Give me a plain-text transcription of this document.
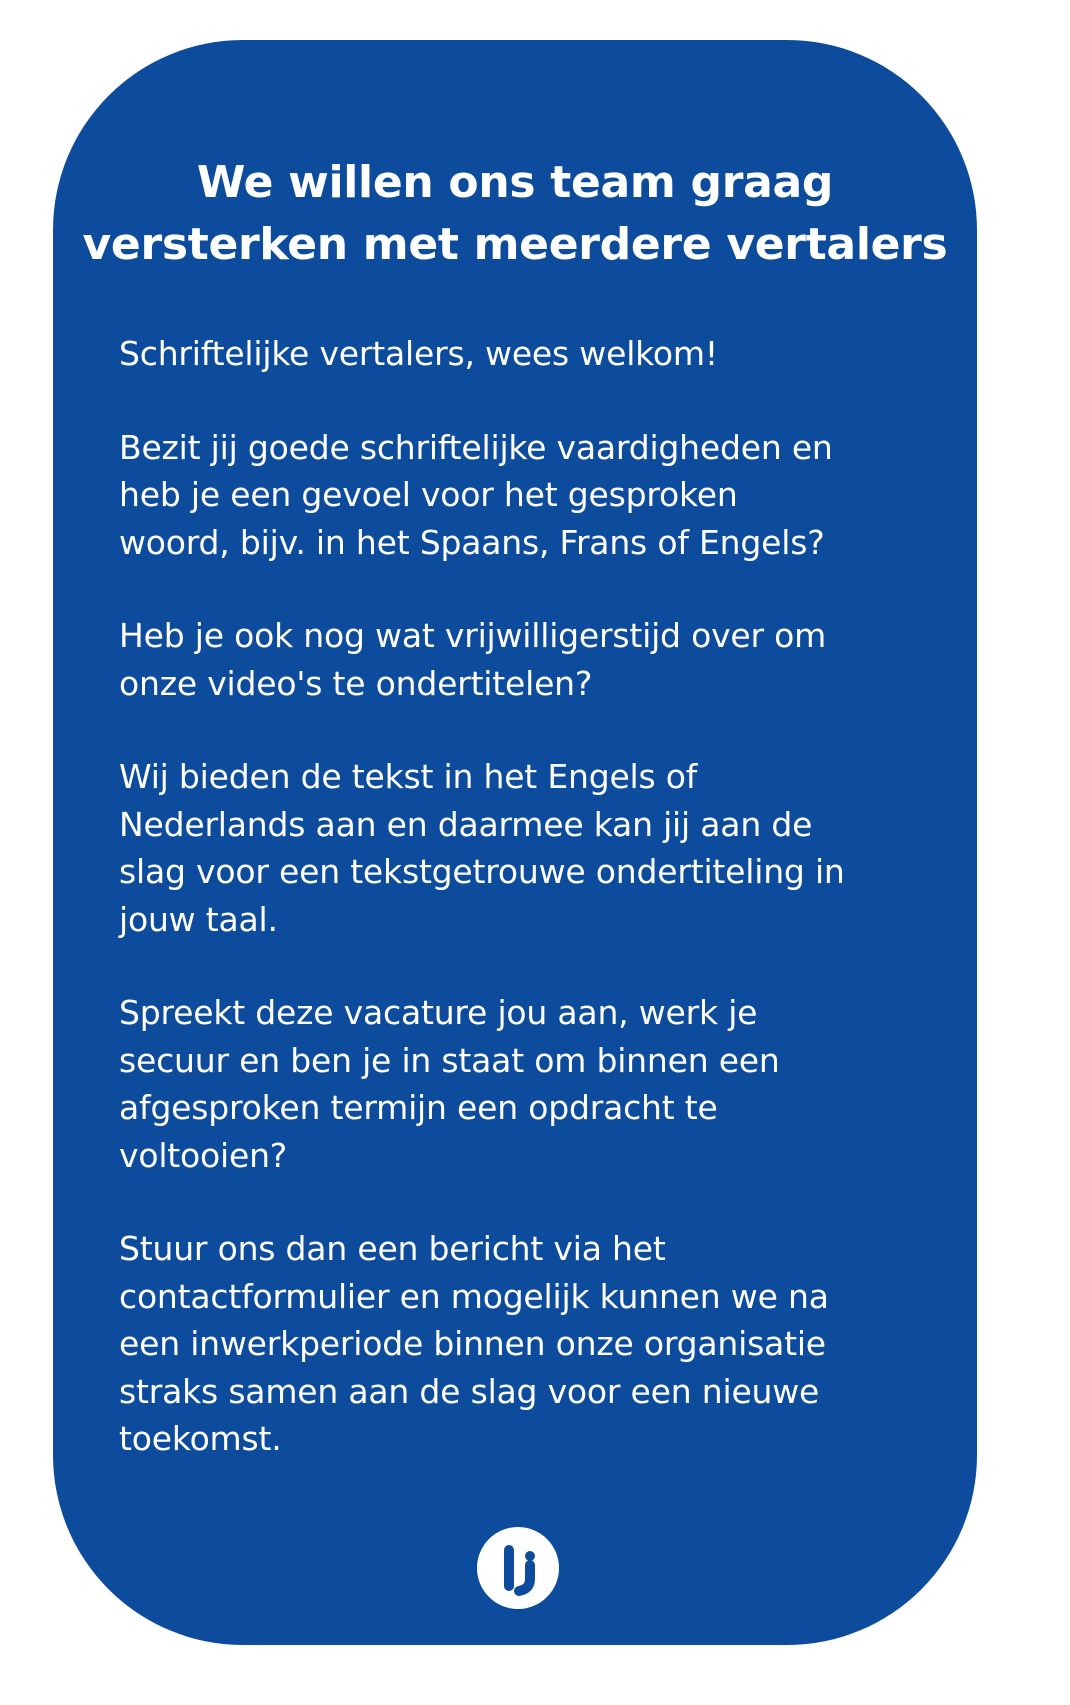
We willen ons team graag
versterken met meerdere vertalers

Schriftelijke vertalers, wees welkom!

Bezit jij goede schriftelijke vaardigheden en
heb je een gevoel voor het gesproken
woord, bijv. in het Spaans, Frans of Engels?

Heb je ook nog wat vrijwilligerstijd over om
onze video's te ondertitelen?

Wij bieden de tekst in het Engels of
Nederlands aan en daarmee kan jij aan de
slag voor een tekstgetrouwe ondertiteling in
jouw taal.

Spreekt deze vacature jou aan, werk je
secuur en ben je in staat om binnen een
afgesproken termijn een opdracht te
voltooien?

Stuur ons dan een bericht via het
contactformulier en mogelijk kunnen we na
een inwerkperiode binnen onze organisatie
straks samen aan de slag voor een nieuwe
toekomst.
